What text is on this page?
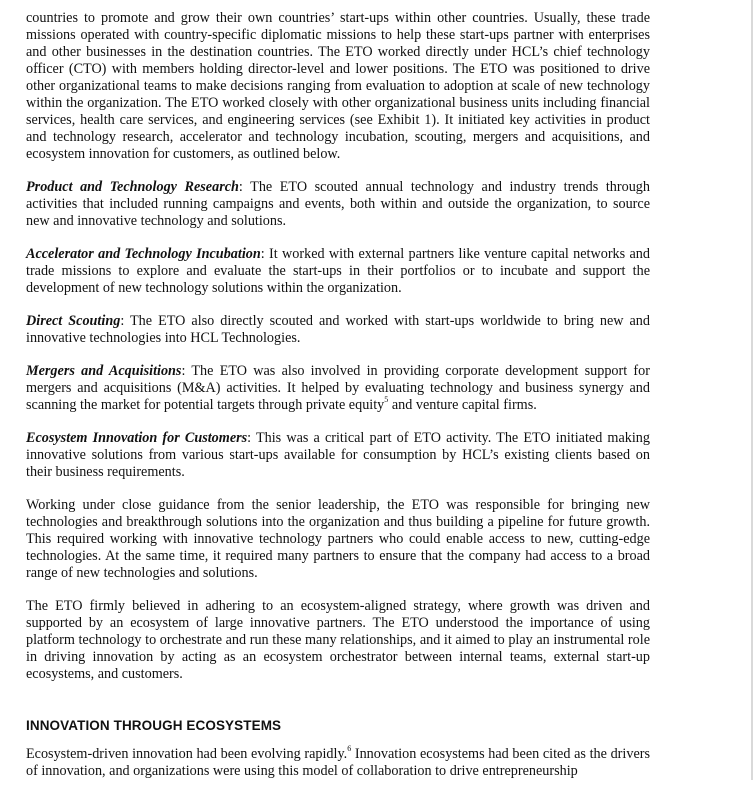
countries to promote and grow their own countries’ start-ups within other countries. Usually, these trade missions operated with country-specific diplomatic missions to help these start-ups partner with enterprises and other businesses in the destination countries. The ETO worked directly under HCL’s chief technology officer (CTO) with members holding director-level and lower positions. The ETO was positioned to drive other organizational teams to make decisions ranging from evaluation to adoption at scale of new technology within the organization. The ETO worked closely with other organizational business units including financial services, health care services, and engineering services (see Exhibit 1). It initiated key activities in product and technology research, accelerator and technology incubation, scouting, mergers and acquisitions, and ecosystem innovation for customers, as outlined below.

Product and Technology Research: The ETO scouted annual technology and industry trends through activities that included running campaigns and events, both within and outside the organization, to source new and innovative technology and solutions.

Accelerator and Technology Incubation: It worked with external partners like venture capital networks and trade missions to explore and evaluate the start-ups in their portfolios or to incubate and support the development of new technology solutions within the organization.

Direct Scouting: The ETO also directly scouted and worked with start-ups worldwide to bring new and innovative technologies into HCL Technologies.

Mergers and Acquisitions: The ETO was also involved in providing corporate development support for mergers and acquisitions (M&A) activities. It helped by evaluating technology and business synergy and scanning the market for potential targets through private equity$^5$ and venture capital firms.

Ecosystem Innovation for Customers: This was a critical part of ETO activity. The ETO initiated making innovative solutions from various start-ups available for consumption by HCL’s existing clients based on their business requirements.

Working under close guidance from the senior leadership, the ETO was responsible for bringing new technologies and breakthrough solutions into the organization and thus building a pipeline for future growth. This required working with innovative technology partners who could enable access to new, cutting-edge technologies. At the same time, it required many partners to ensure that the company had access to a broad range of new technologies and solutions.

The ETO firmly believed in adhering to an ecosystem-aligned strategy, where growth was driven and supported by an ecosystem of large innovative partners. The ETO understood the importance of using platform technology to orchestrate and run these many relationships, and it aimed to play an instrumental role in driving innovation by acting as an ecosystem orchestrator between internal teams, external start-up ecosystems, and customers.

INNOVATION THROUGH ECOSYSTEMS

Ecosystem-driven innovation had been evolving rapidly.$^6$ Innovation ecosystems had been cited as the drivers of innovation, and organizations were using this model of collaboration to drive entrepreneurship
